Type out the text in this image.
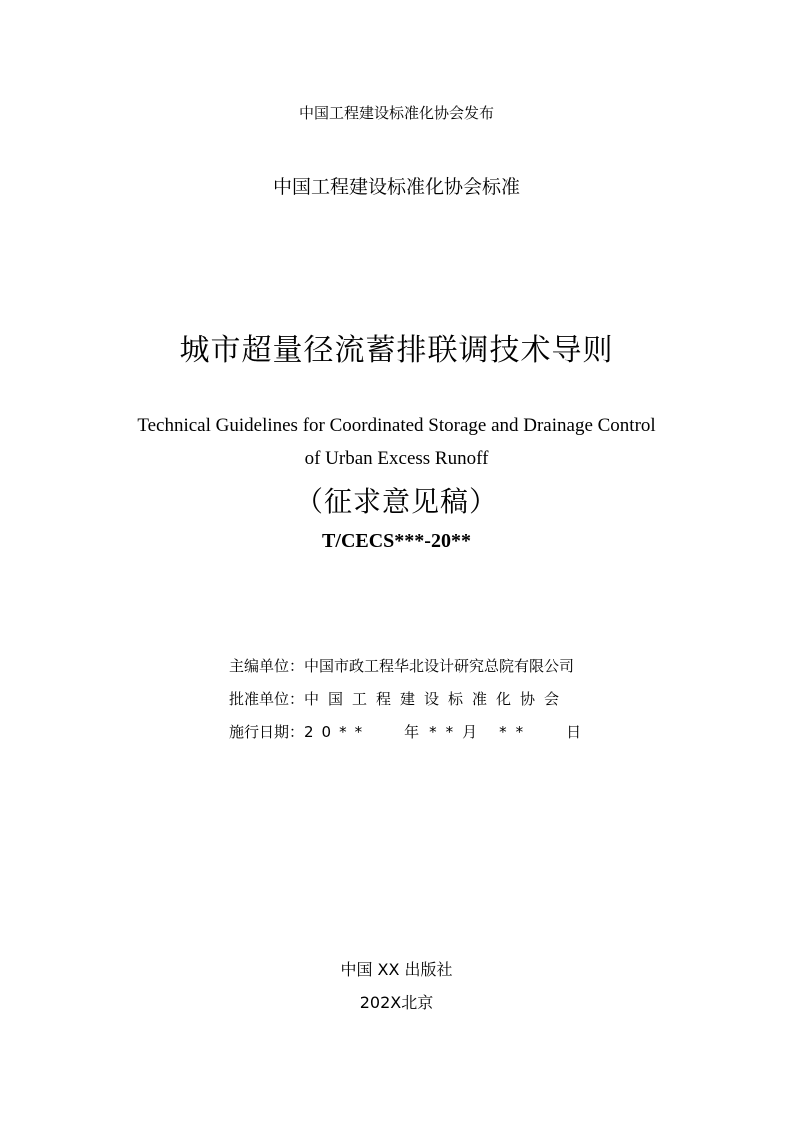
中国工程建设标准化协会发布
中国工程建设标准化协会标准
城市超量径流蓄排联调技术导则
Technical Guidelines for Coordinated Storage and Drainage Control
of Urban Excess Runoff
（征求意见稿）
T/CECS***-20**
主编单位：中国市政工程华北设计研究总院有限公司
批准单位：中国工程建设标准化协会
施行日期：20** 年 **月 ** 日
中国 XX 出版社
202X北京
